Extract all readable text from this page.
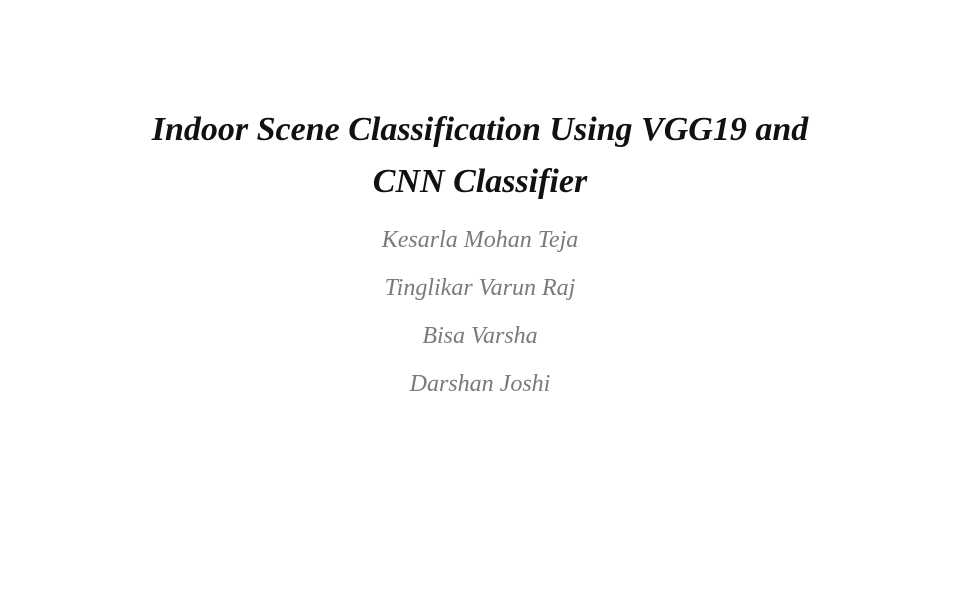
Indoor Scene Classification Using VGG19 and
CNN Classifier
Kesarla Mohan Teja
Tinglikar Varun Raj
Bisa Varsha
Darshan Joshi
